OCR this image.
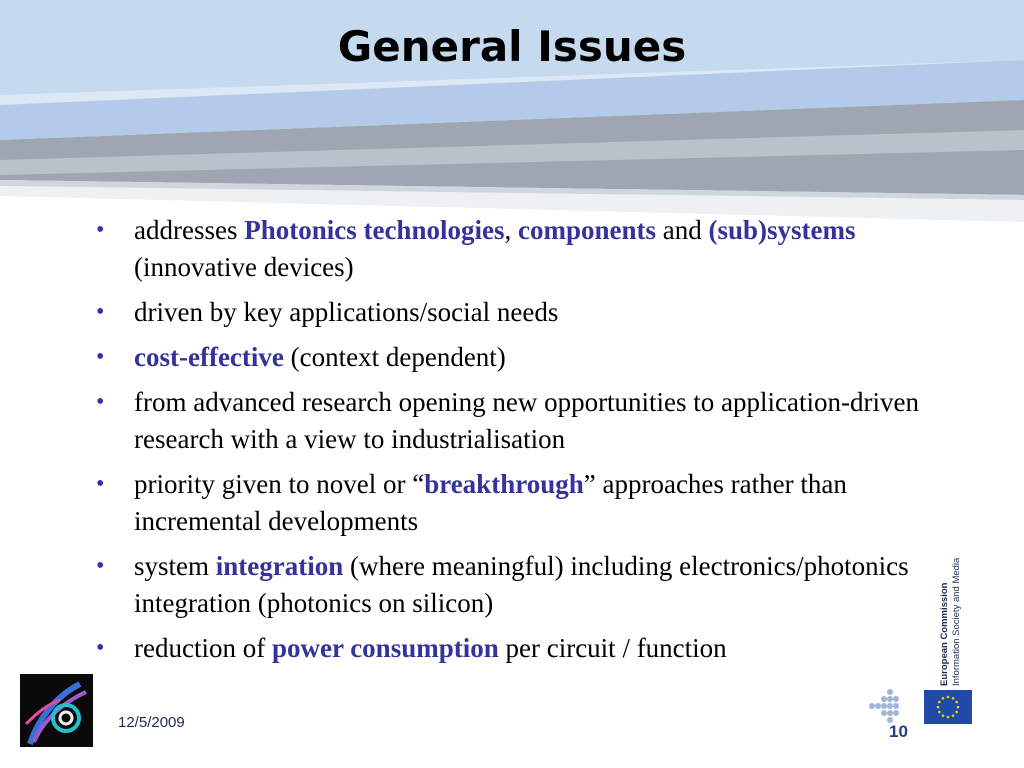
General Issues
• addresses Photonics technologies, components and (sub)systems (innovative devices)
• driven by key applications/social needs
• cost-effective (context dependent)
• from advanced research opening new opportunities to application-driven research with a view to industrialisation
• priority given to novel or “breakthrough” approaches rather than incremental developments
• system integration (where meaningful) including electronics/photonics integration (photonics on silicon)
• reduction of power consumption per circuit / function
12/5/2009	10
European Commission Information Society and Media
